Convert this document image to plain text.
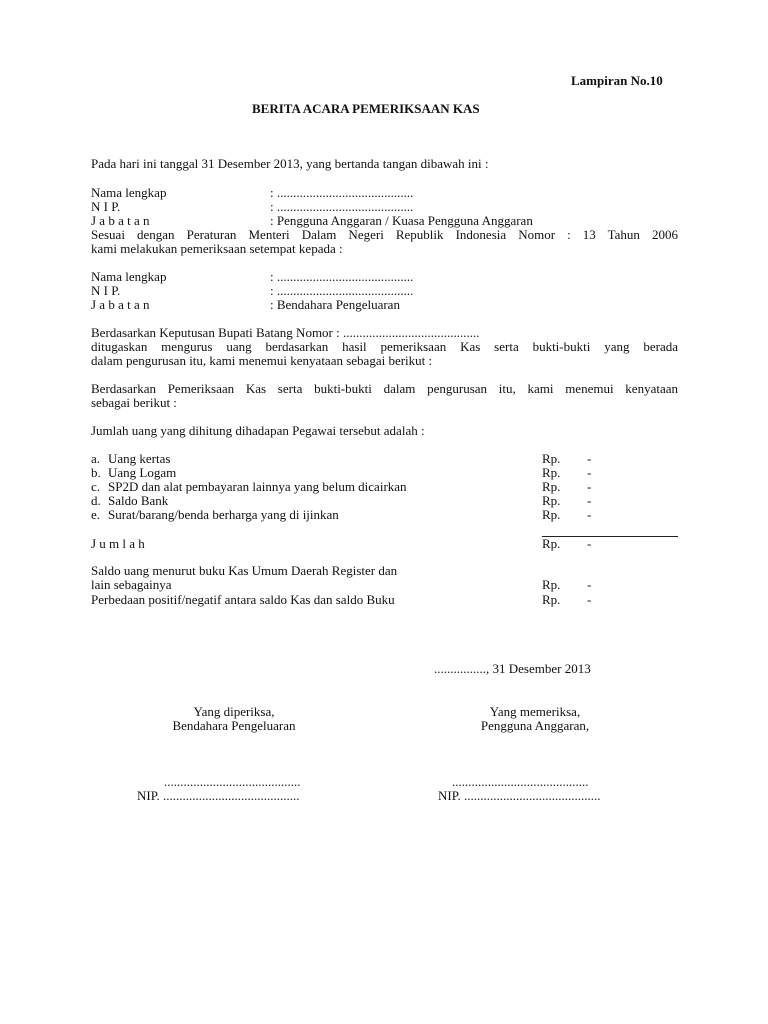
Lampiran No.10
BERITA ACARA PEMERIKSAAN KAS
Pada hari ini tanggal 31 Desember 2013, yang bertanda tangan dibawah ini :
Nama lengkap	: ..........................................
N I P.	: ..........................................
J a b a t a n	: Pengguna Anggaran / Kuasa Pengguna Anggaran
Sesuai dengan Peraturan Menteri Dalam Negeri Republik Indonesia Nomor : 13 Tahun 2006
kami melakukan pemeriksaan setempat kepada :
Nama lengkap	: ..........................................
N I P.	: ..........................................
J a b a t a n	: Bendahara Pengeluaran
Berdasarkan Keputusan Bupati Batang Nomor : ..........................................
ditugaskan mengurus uang berdasarkan hasil pemeriksaan Kas serta bukti-bukti yang berada
dalam pengurusan itu, kami menemui kenyataan sebagai berikut :
Berdasarkan Pemeriksaan Kas serta bukti-bukti dalam pengurusan itu, kami menemui kenyataan
sebagai berikut :
Jumlah uang yang dihitung dihadapan Pegawai tersebut adalah :
a. Uang kertas	Rp. -
b. Uang Logam	Rp. -
c. SP2D dan alat pembayaran lainnya yang belum dicairkan	Rp. -
d. Saldo Bank	Rp. -
e. Surat/barang/benda berharga yang di ijinkan	Rp. -
J u m l a h	Rp. -
Saldo uang menurut buku Kas Umum Daerah Register dan
lain sebagainya	Rp. -
Perbedaan positif/negatif antara saldo Kas dan saldo Buku	Rp. -
................, 31 Desember 2013
Yang diperiksa,
Bendahara Pengeluaran
Yang memeriksa,
Pengguna Anggaran,
..........................................
NIP. ..........................................
..........................................
NIP. ..........................................
